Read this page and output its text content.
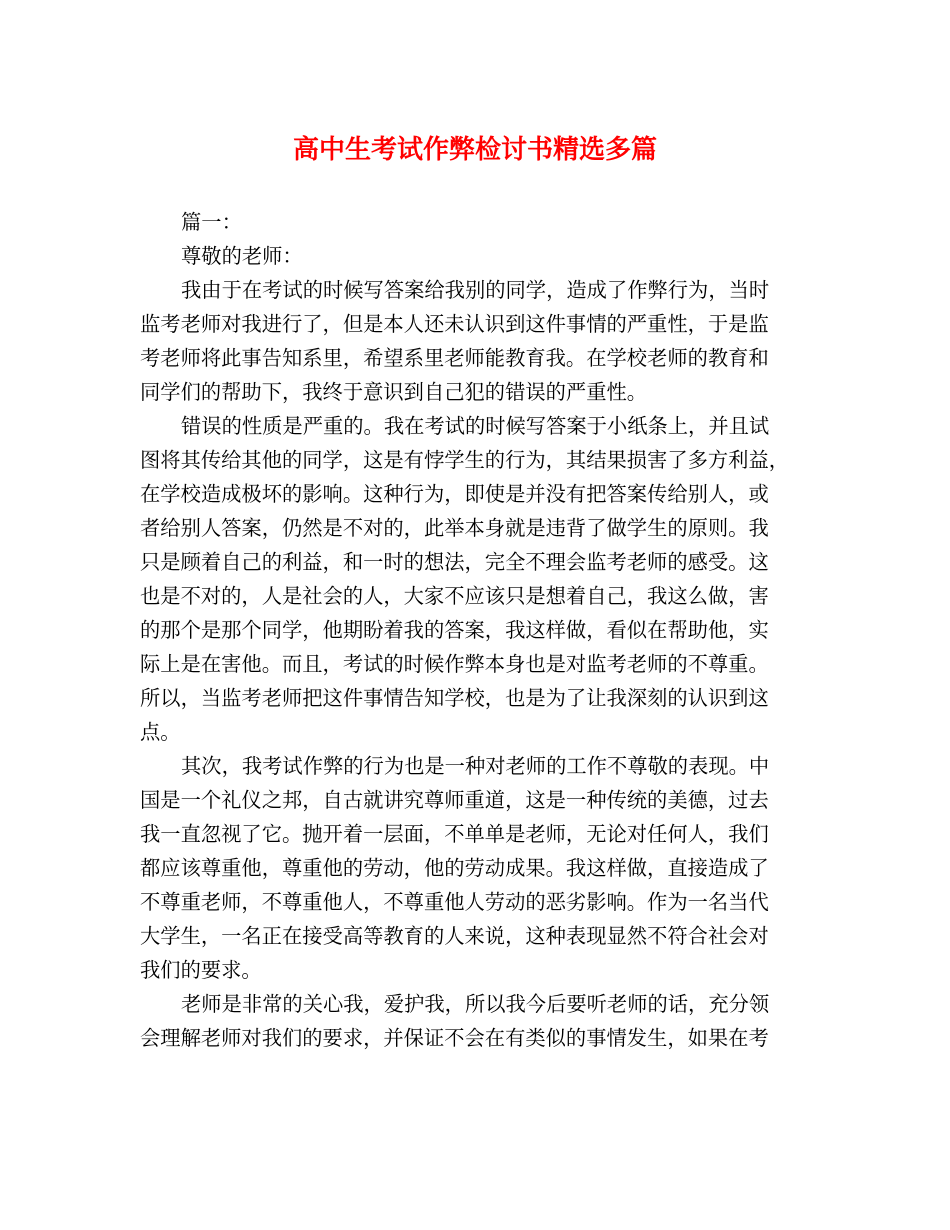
高中生考试作弊检讨书精选多篇
篇一：
尊敬的老师：
我由于在考试的时候写答案给我别的同学，造成了作弊行为，当时
监考老师对我进行了，但是本人还未认识到这件事情的严重性，于是监
考老师将此事告知系里，希望系里老师能教育我。在学校老师的教育和
同学们的帮助下，我终于意识到自己犯的错误的严重性。
错误的性质是严重的。我在考试的时候写答案于小纸条上，并且试
图将其传给其他的同学，这是有悖学生的行为，其结果损害了多方利益，
在学校造成极坏的影响。这种行为，即使是并没有把答案传给别人，或
者给别人答案，仍然是不对的，此举本身就是违背了做学生的原则。我
只是顾着自己的利益，和一时的想法，完全不理会监考老师的感受。这
也是不对的，人是社会的人，大家不应该只是想着自己，我这么做，害
的那个是那个同学，他期盼着我的答案，我这样做，看似在帮助他，实
际上是在害他。而且，考试的时候作弊本身也是对监考老师的不尊重。
所以，当监考老师把这件事情告知学校，也是为了让我深刻的认识到这
点。
其次，我考试作弊的行为也是一种对老师的工作不尊敬的表现。中
国是一个礼仪之邦，自古就讲究尊师重道，这是一种传统的美德，过去
我一直忽视了它。抛开着一层面，不单单是老师，无论对任何人，我们
都应该尊重他，尊重他的劳动，他的劳动成果。我这样做，直接造成了
不尊重老师，不尊重他人，不尊重他人劳动的恶劣影响。作为一名当代
大学生，一名正在接受高等教育的人来说，这种表现显然不符合社会对
我们的要求。
老师是非常的关心我，爱护我，所以我今后要听老师的话，充分领
会理解老师对我们的要求，并保证不会在有类似的事情发生，如果在考
